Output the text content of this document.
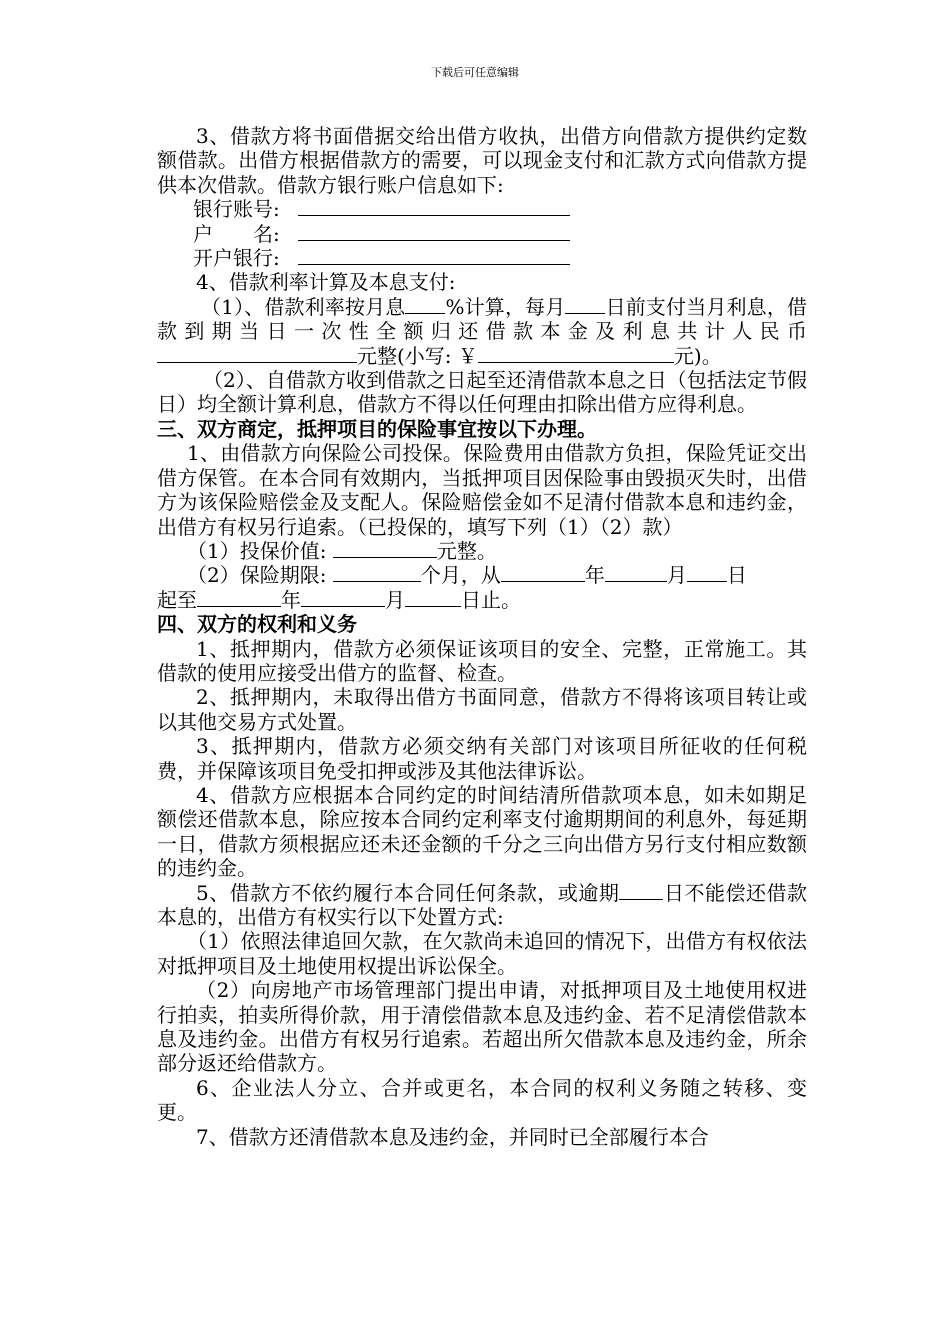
下载后可任意编辑

3、借款方将书面借据交给出借方收执，出借方向借款方提供约定数额借款。出借方根据借款方的需要，可以现金支付和汇款方式向借款方提供本次借款。借款方银行账户信息如下:

银行账号:
户　　名:
开户银行:

4、借款利率计算及本息支付:

（1）、借款利率按月息 %计算，每月 日前支付当月利息，借款到期当日一次性全额归还借款本金及利息共计人民币元整(小写: ￥	元)。

（2）、自借款方收到借款之日起至还清借款本息之日（包括法定节假日）均全额计算利息，借款方不得以任何理由扣除出借方应得利息。

三、双方商定，抵押项目的保险事宜按以下办理。

1、由借款方向保险公司投保。保险费用由借款方负担，保险凭证交出借方保管。在本合同有效期内，当抵押项目因保险事由毁损灭失时，出借方为该保险赔偿金及支配人。保险赔偿金如不足清付借款本息和违约金，出借方有权另行追索。（已投保的，填写下列（1）（2）款）

（1）投保价值:	元整。
（2）保险期限:	个月，从	年	月 日
起至	年	月	日止。

四、双方的权利和义务

1、抵押期内，借款方必须保证该项目的安全、完整，正常施工。其借款的使用应接受出借方的监督、检查。

2、抵押期内，未取得出借方书面同意，借款方不得将该项目转让或以其他交易方式处置。

3、抵押期内，借款方必须交纳有关部门对该项目所征收的任何税费，并保障该项目免受扣押或涉及其他法律诉讼。

4、借款方应根据本合同约定的时间结清所借款项本息，如未如期足额偿还借款本息，除应按本合同约定利率支付逾期期间的利息外，每延期一日，借款方须根据应还未还金额的千分之三向出借方另行支付相应数额的违约金。

5、借款方不依约履行本合同任何条款，或逾期 日不能偿还借款本息的，出借方有权实行以下处置方式:

（1）依照法律追回欠款，在欠款尚未追回的情况下，出借方有权依法对抵押项目及土地使用权提出诉讼保全。

（2）向房地产市场管理部门提出申请，对抵押项目及土地使用权进行拍卖，拍卖所得价款，用于清偿借款本息及违约金、若不足清偿借款本息及违约金。出借方有权另行追索。若超出所欠借款本息及违约金，所余部分返还给借款方。

6、企业法人分立、合并或更名，本合同的权利义务随之转移、变更。

7、借款方还清借款本息及违约金，并同时已全部履行本合
